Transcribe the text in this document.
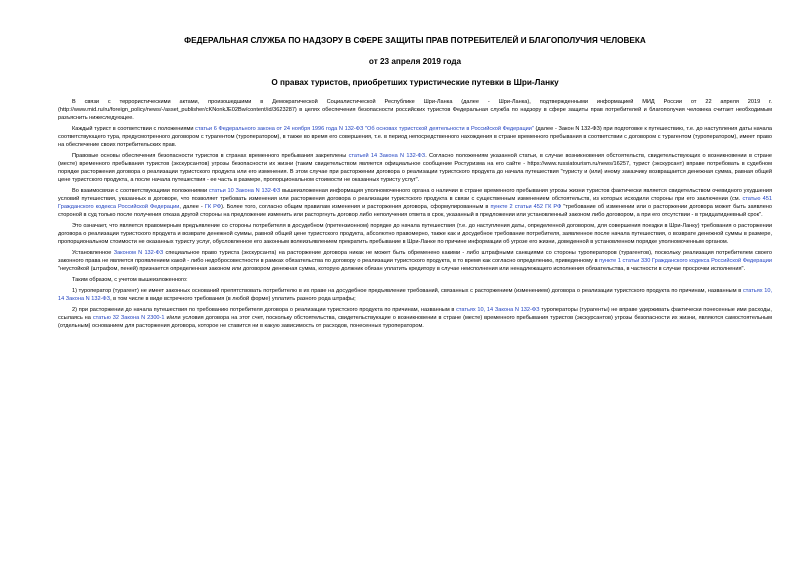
ФЕДЕРАЛЬНАЯ СЛУЖБА ПО НАДЗОРУ В СФЕРЕ ЗАЩИТЫ ПРАВ ПОТРЕБИТЕЛЕЙ И БЛАГОПОЛУЧИЯ ЧЕЛОВЕКА

от 23 апреля 2019 года

О правах туристов, приобретших туристические путевки в Шри-Ланку

В связи с террористическими актами, произошедшими в Демократической Социалистической Республике Шри-Ланка (далее - Шри-Ланка), подтвержденными информацией МИД России от 22 апреля 2019 г. (http://www.mid.ru/ru/foreign_policy/news/-/asset_publisher/cKNonkJE02Bw/content/id/3623287) в целях обеспечения безопасности российских туристов Федеральная служба по надзору в сфере защиты прав потребителей и благополучия человека считает необходимым разъяснить нижеследующее.

Каждый турист в соответствии с положениями статьи 6 Федерального закона от 24 ноября 1996 года N 132-ФЗ "Об основах туристской деятельности в Российской Федерации" (далее - Закон N 132-ФЗ) при подготовке к путешествию, т.е. до наступления даты начала соответствующего тура, предусмотренного договором с турагентом (туроператором), в также во время его совершения, т.е. в период непосредственного нахождения в стране временного пребывания в соответствии с договором с турагентом (туроператором), имеет право на обеспечение своих потребительских прав.

Правовые основы обеспечения безопасности туристов в странах временного пребывания закреплены статьей 14 Закона N 132-ФЗ. Согласно положениям указанной статьи, в случае возникновения обстоятельств, свидетельствующих о возникновении в стране (месте) временного пребывания туристов (экскурсантов) угрозы безопасности их жизни (таким свидетельством является официальное сообщение Ростуризма на его сайте - https://www.russiatourism.ru/news/16257, турист (экскурсант) вправе потребовать в судебном порядке расторжения договора о реализации туристского продукта или его изменения. В этом случае при расторжении договора о реализации туристского продукта до начала путешествия "туристу и (или) иному заказчику возвращается денежная сумма, равная общей цене туристского продукта, а после начала путешествия - ее часть в размере, пропорциональном стоимости не оказанных туристу услуг".

Во взаимосвязи с соответствующими положениями статьи 10 Закона N 132-ФЗ вышеизложенная информация уполномоченного органа о наличии в стране временного пребывания угрозы жизни туристов фактически является свидетельством очевидного ухудшения условий путешествия, указанных в договоре, что позволяет требовать изменения или расторжения договора о реализации туристского продукта в связи с существенным изменением обстоятельств, из которых исходили стороны при его заключении (см. статью 451 Гражданского кодекса Российской Федерации, далее - ГК РФ). Более того, согласно общим правилам изменения и расторжения договора, сформулированным в пункте 2 статьи 452 ГК РФ "требование об изменении или о расторжении договора может быть заявлено стороной в суд только после получения отказа другой стороны на предложение изменить или расторгнуть договор либо неполучения ответа в срок, указанный в предложении или установленный законом либо договором, а при его отсутствии - в тридцатидневный срок".

Это означает, что является правомерным предъявление со стороны потребителя в досудебном (претензионном) порядке до начала путешествия (т.е. до наступления даты, определенной договором, для совершения поездки в Шри-Ланку) требования о расторжении договора о реализации туристского продукта и возврате денежной суммы, равной общей цене туристского продукта, абсолютно правомерно, также как и досудебное требование потребителя, заявленное после начала путешествия, о возврате денежной суммы в размере, пропорциональном стоимости не оказанных туристу услуг, обусловленное его законным волеизъявлением прекратить пребывание в Шри-Ланке по причине информации об угрозе его жизни, доведенной в установленном порядке уполномоченным органом.

Установленное Законом N 132-ФЗ специальное право туриста (экскурсанта) на расторжение договора никак не может быть обременено какими - либо штрафными санкциями со стороны туроператоров (турагентов), поскольку реализация потребителем своего законного права не является проявлением какой - либо недобросовестности в рамках обязательства по договору о реализации туристского продукта, в то время как согласно определению, приведенному в пункте 1 статьи 330 Гражданского кодекса Российской Федерации "неустойкой (штрафом, пеней) признается определенная законом или договором денежная сумма, которую должник обязан уплатить кредитору в случае неисполнения или ненадлежащего исполнения обязательства, в частности в случае просрочки исполнения".

Таким образом, с учетом вышеизложенного:

1) туроператор (турагент) не имеет законных оснований препятствовать потребителю в их праве на досудебное предъявление требований, связанных с расторжением (изменением) договора о реализации туристского продукта по причинам, названным в статьях 10, 14 Закона N 132-ФЗ, в том числе в виде встречного требования (в любой форме) уплатить разного рода штрафы;

2) при расторжении до начала путешествия по требованию потребителя договора о реализации туристского продукта по причинам, названным в статьях 10, 14 Закона N 132-ФЗ туроператоры (турагенты) не вправе удерживать фактически понесенные ими расходы, ссылаясь на статью 32 Закона N 2300-1 и/или условия договора на этот счет, поскольку обстоятельства, свидетельствующие о возникновении в стране (месте) временного пребывания туристов (экскурсантов) угрозы безопасности их жизни, являются самостоятельным (отдельным) основанием для расторжения договора, которое не ставится ни в какую зависимость от расходов, понесенных туроператором.
